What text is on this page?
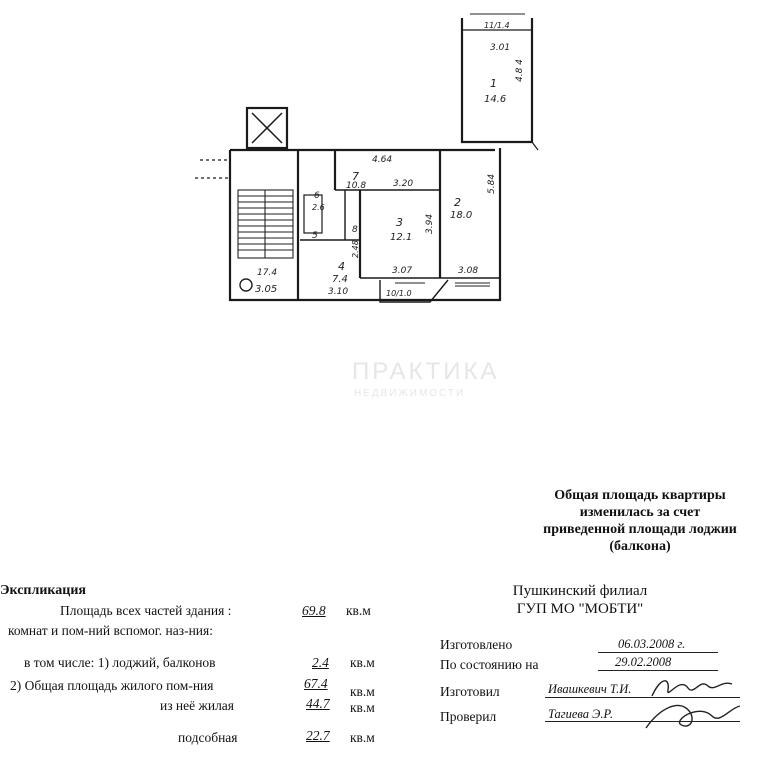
1
14.6
3.01
4.8 4
2
18.0
3.08
5.84
3
12.1
3.20
3.07
3.94
4
7.4
3.10
2.48
5
6
2.6
7
10.8
4.64
8
17.4
3.05
11/1.4
10/1.0
ПРАКТИКА
НЕДВИЖИМОСТИ
Общая площадь квартиры
изменилась за счет
приведенной площади лоджии
(балкона)
Экспликация
Площадь всех частей здания :	69.8 кв.м
комнат и пом-ний вспомог. наз-ния:
в том числе: 1) лоджий, балконов	2.4 кв.м
2) Общая площадь жилого пом-ния	67.4
кв.м
из неё жилая	44.7 кв.м
подсобная	22.7 кв.м
Пушкинский филиал
ГУП МО "МОБТИ"
Изготовлено	06.03.2008 г.
По состоянию на	29.02.2008
Изготовил	Ивашкевич Т.И.
Проверил	Тагиева Э.Р.
